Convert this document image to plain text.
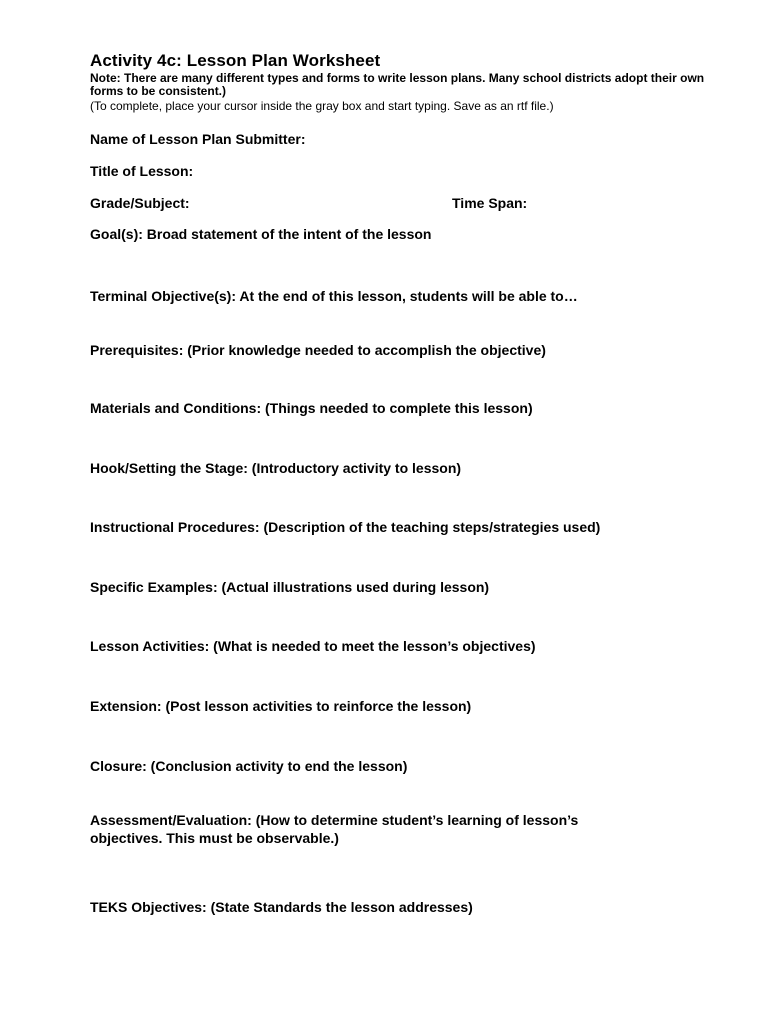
Activity 4c: Lesson Plan Worksheet
Note: There are many different types and forms to write lesson plans. Many school districts adopt their own forms to be consistent.)
(To complete, place your cursor inside the gray box and start typing. Save as an rtf file.)
Name of Lesson Plan Submitter:
Title of Lesson:
Grade/Subject:	Time Span:
Goal(s): Broad statement of the intent of the lesson
Terminal Objective(s): At the end of this lesson, students will be able to…
Prerequisites: (Prior knowledge needed to accomplish the objective)
Materials and Conditions: (Things needed to complete this lesson)
Hook/Setting the Stage: (Introductory activity to lesson)
Instructional Procedures: (Description of the teaching steps/strategies used)
Specific Examples: (Actual illustrations used during lesson)
Lesson Activities: (What is needed to meet the lesson’s objectives)
Extension: (Post lesson activities to reinforce the lesson)
Closure: (Conclusion activity to end the lesson)
Assessment/Evaluation: (How to determine student’s learning of lesson’s objectives. This must be observable.)
TEKS Objectives: (State Standards the lesson addresses)
